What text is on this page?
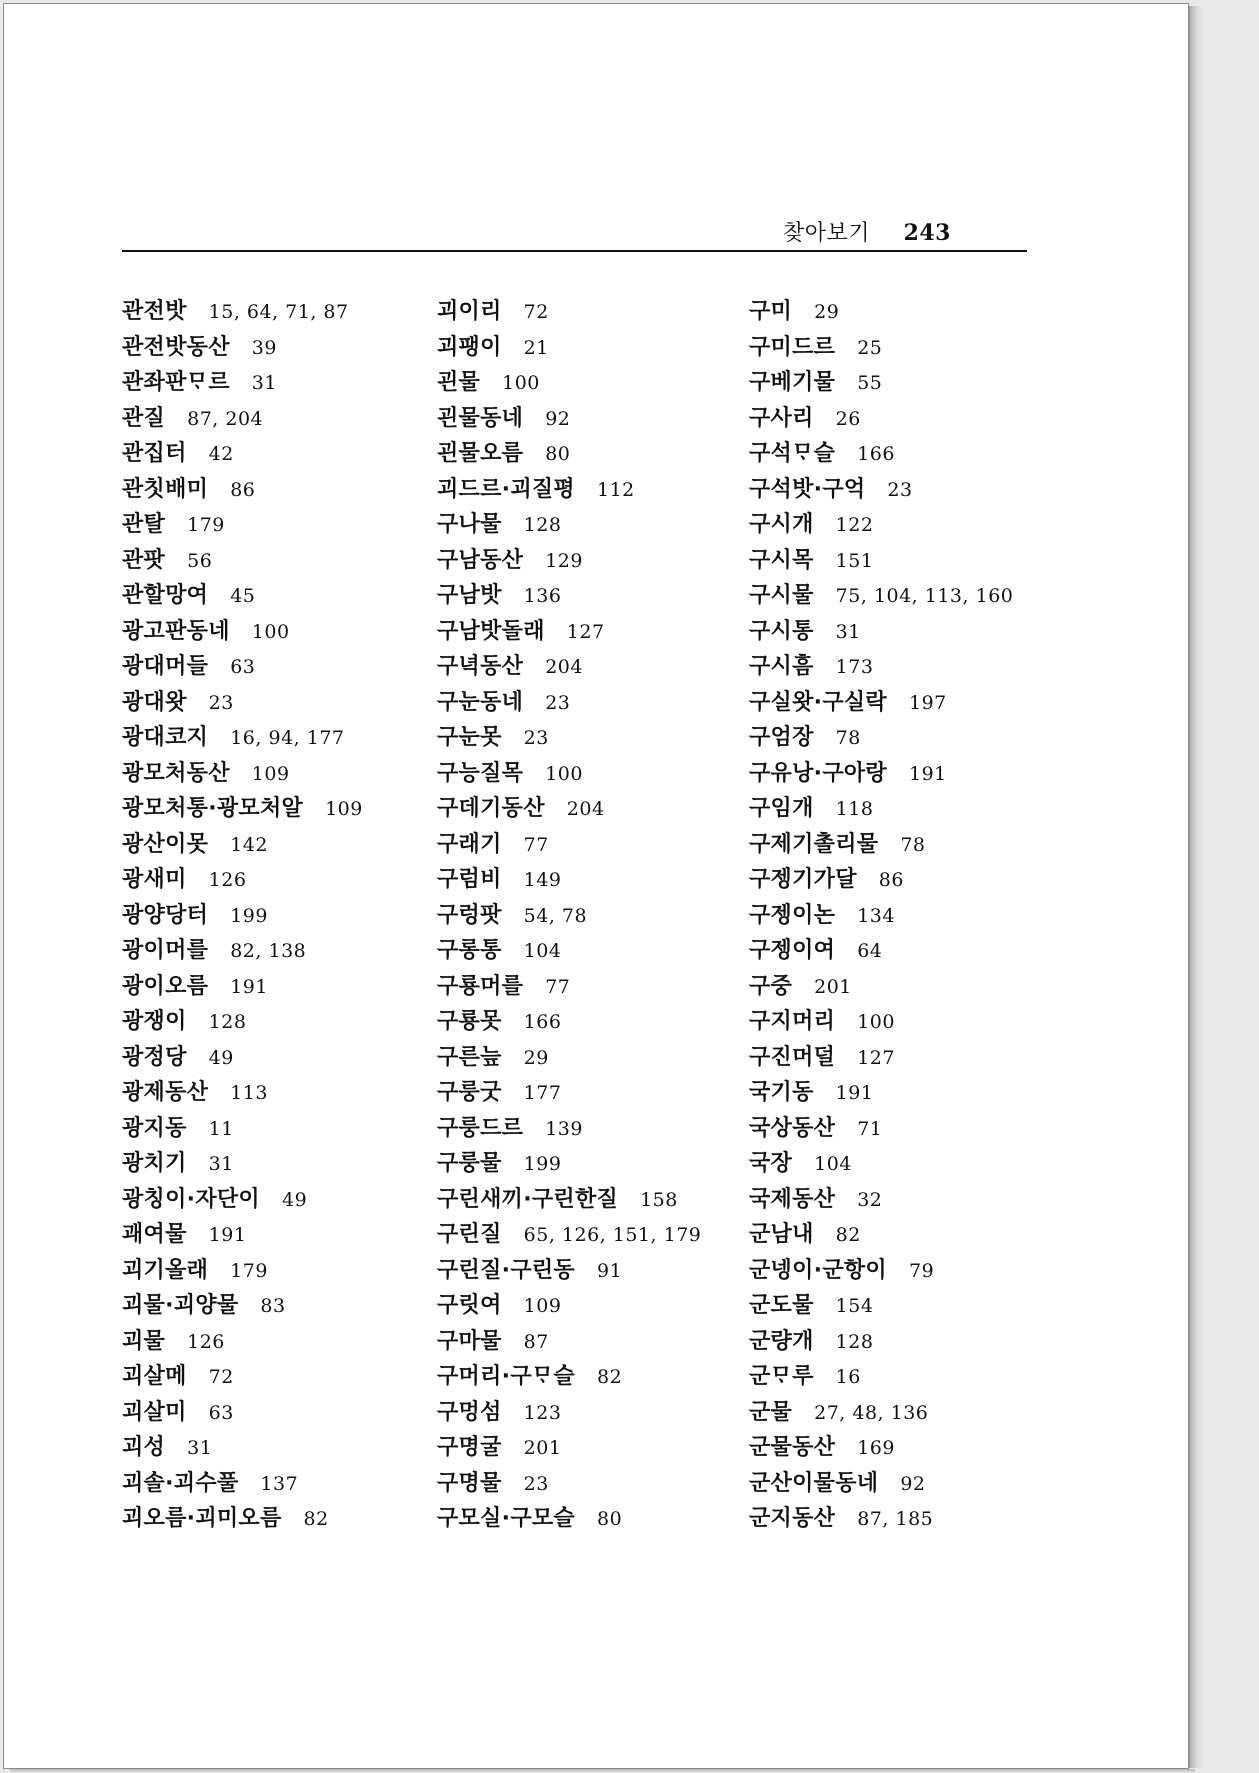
찾아보기 243
관전밧 15, 64, 71, 87
관전밧동산 39
관좌판ᄆᆞ르 31
관질 87, 204
관집터 42
관칫배미 86
관탈 179
관팟 56
관할망여 45
광고판동네 100
광대머들 63
광대왓 23
광대코지 16, 94, 177
광모처동산 109
광모처통·광모처알 109
광산이못 142
광새미 126
광양당터 199
광이머를 82, 138
광이오름 191
광쟁이 128
광정당 49
광제동산 113
광지동 11
광치기 31
광칭이·자단이 49
괘여물 191
괴기올래 179
괴물·괴양물 83
괴물 126
괴살메 72
괴살미 63
괴성 31
괴솔·괴수풀 137
괴오름·괴미오름 82
괴이리 72
괴팽이 21
괸물 100
괸물동네 92
괸물오름 80
괴드르·괴질평 112
구나물 128
구남동산 129
구남밧 136
구남밧돌래 127
구녁동산 204
구눈동네 23
구눈못 23
구능질목 100
구데기동산 204
구래기 77
구럼비 149
구렁팟 54, 78
구롱통 104
구룡머를 77
구룡못 166
구른늪 29
구룽굿 177
구룽드르 139
구룽물 199
구린새끼·구린한질 158
구린질 65, 126, 151, 179
구린질·구린동 91
구릿여 109
구마물 87
구머리·구ᄆᆞ슬 82
구멍섬 123
구명굴 201
구명물 23
구모실·구모슬 80
구미 29
구미드르 25
구베기물 55
구사리 26
구석ᄆᆞ슬 166
구석밧·구억 23
구시개 122
구시목 151
구시물 75, 104, 113, 160
구시통 31
구시흠 173
구실왓·구실락 197
구엄장 78
구유낭·구아랑 191
구임개 118
구제기촐리물 78
구젱기가달 86
구젱이논 134
구젱이여 64
구중 201
구지머리 100
구진머덜 127
국기동 191
국상동산 71
국장 104
국제동산 32
군남내 82
군넹이·군항이 79
군도물 154
군량개 128
군ᄆᆞ루 16
군물 27, 48, 136
군물동산 169
군산이물동네 92
군지동산 87, 185
